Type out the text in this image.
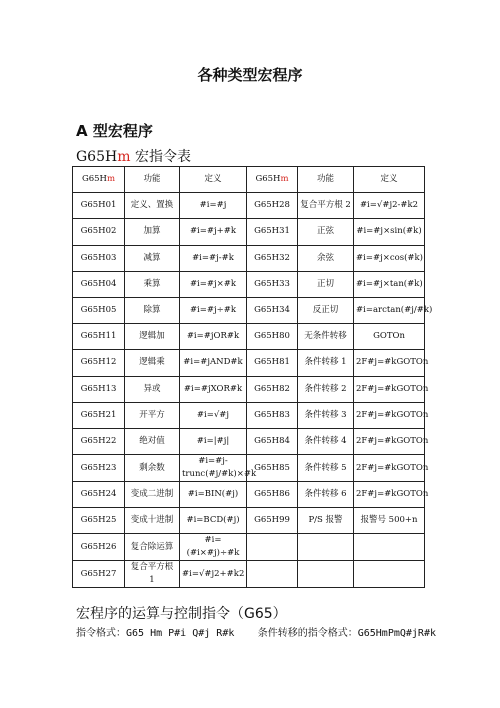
各种类型宏程序
A 型宏程序
G65Hm 宏指令表
G65Hm	功能	定义	G65Hm	功能	定义
G65H01	定义、置换	#i=#j	G65H28	复合平方根 2	#i=√#j2-#k2
G65H02	加算	#i=#j+#k	G65H31	正弦	#i=#j×sin(#k)
G65H03	减算	#i=#j-#k	G65H32	余弦	#i=#j×cos(#k)
G65H04	乘算	#i=#j×#k	G65H33	正切	#i=#j×tan(#k)
G65H05	除算	#i=#j÷#k	G65H34	反正切	#i=arctan(#j/#k)
G65H11	逻辑加	#i=#jOR#k	G65H80	无条件转移	GOTOn
G65H12	逻辑乘	#i=#jAND#k	G65H81	条件转移 1	2F#j=#kGOTOn
G65H13	异或	#i=#jXOR#k	G65H82	条件转移 2	2F#j=#kGOTOn
G65H21	开平方	#i=√#j	G65H83	条件转移 3	2F#j=#kGOTOn
G65H22	绝对值	#i=|#j|	G65H84	条件转移 4	2F#j=#kGOTOn
G65H23	剩余数	#i=#j-trunc(#j/#k)×#k	G65H85	条件转移 5	2F#j=#kGOTOn
G65H24	变成二进制	#i=BIN(#j)	G65H86	条件转移 6	2F#j=#kGOTOn
G65H25	变成十进制	#i=BCD(#j)	G65H99	P/S 报警	报警号 500+n
G65H26	复合除运算	#i=(#i×#j)÷#k			
G65H27	复合平方根 1	#i=√#j2+#k2			
宏程序的运算与控制指令（G65）
指令格式：G65 Hm P#i Q#j R#k 条件转移的指令格式：G65HmPmQ#jR#k
